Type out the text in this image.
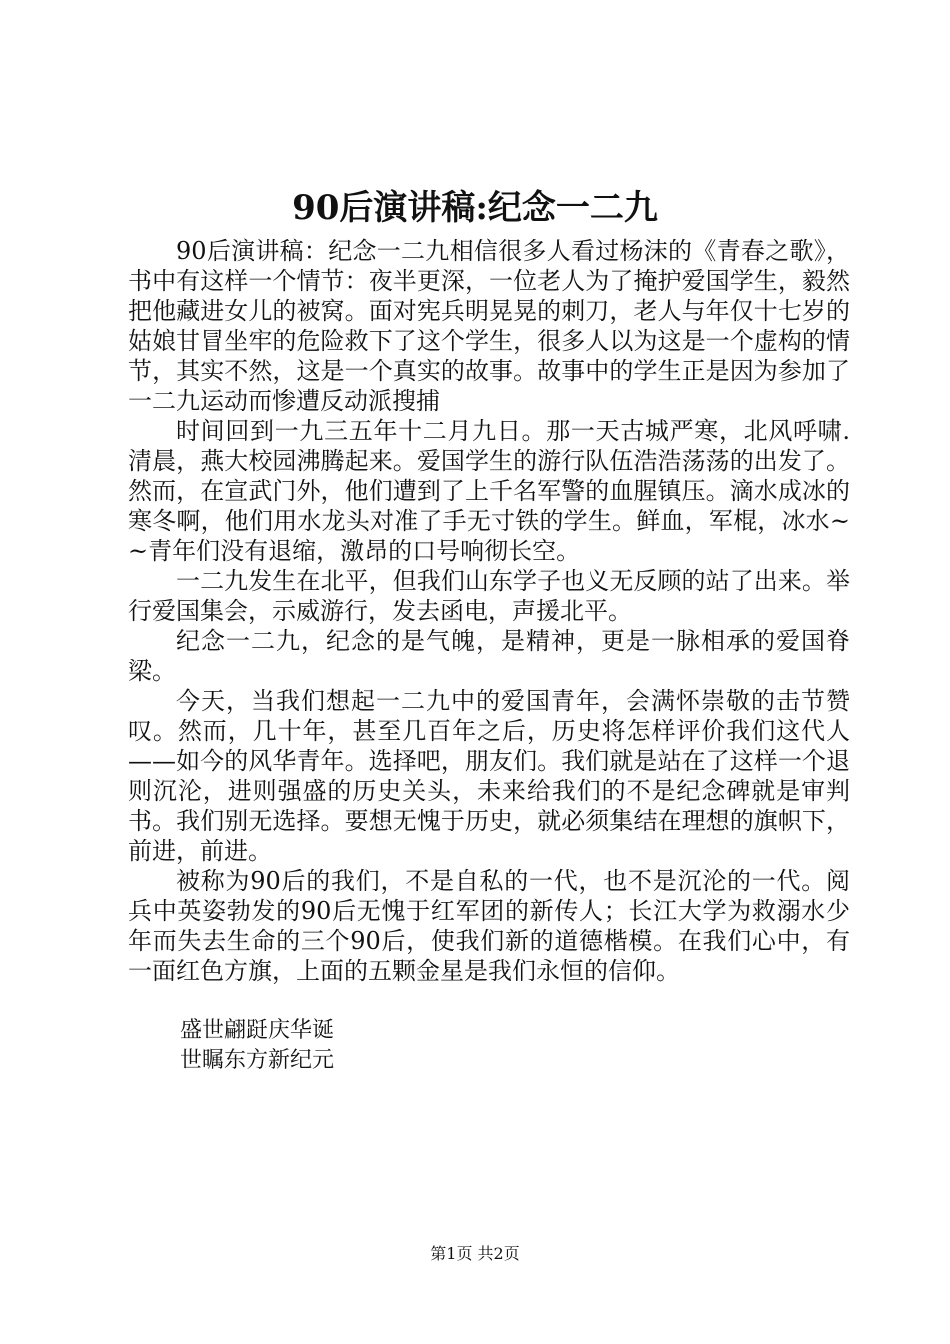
90后演讲稿:纪念一二九

90后演讲稿：纪念一二九相信很多人看过杨沫的《青春之歌》，书中有这样一个情节：夜半更深，一位老人为了掩护爱国学生，毅然把他藏进女儿的被窝。面对宪兵明晃晃的刺刀，老人与年仅十七岁的姑娘甘冒坐牢的危险救下了这个学生，很多人以为这是一个虚构的情节，其实不然，这是一个真实的故事。故事中的学生正是因为参加了一二九运动而惨遭反动派搜捕

时间回到一九三五年十二月九日。那一天古城严寒，北风呼啸.清晨，燕大校园沸腾起来。爱国学生的游行队伍浩浩荡荡的出发了。然而，在宣武门外，他们遭到了上千名军警的血腥镇压。滴水成冰的寒冬啊，他们用水龙头对准了手无寸铁的学生。鲜血，军棍，冰水~~青年们没有退缩，激昂的口号响彻长空。

一二九发生在北平，但我们山东学子也义无反顾的站了出来。举行爱国集会，示威游行，发去函电，声援北平。

纪念一二九，纪念的是气魄，是精神，更是一脉相承的爱国脊梁。

今天，当我们想起一二九中的爱国青年，会满怀崇敬的击节赞叹。然而，几十年，甚至几百年之后，历史将怎样评价我们这代人——如今的风华青年。选择吧，朋友们。我们就是站在了这样一个退则沉沦，进则强盛的历史关头，未来给我们的不是纪念碑就是审判书。我们别无选择。要想无愧于历史，就必须集结在理想的旗帜下，前进，前进。

被称为90后的我们，不是自私的一代，也不是沉沦的一代。阅兵中英姿勃发的90后无愧于红军团的新传人；长江大学为救溺水少年而失去生命的三个90后，使我们新的道德楷模。在我们心中，有一面红色方旗，上面的五颗金星是我们永恒的信仰。

盛世翩跹庆华诞

世瞩东方新纪元

第1页 共2页
